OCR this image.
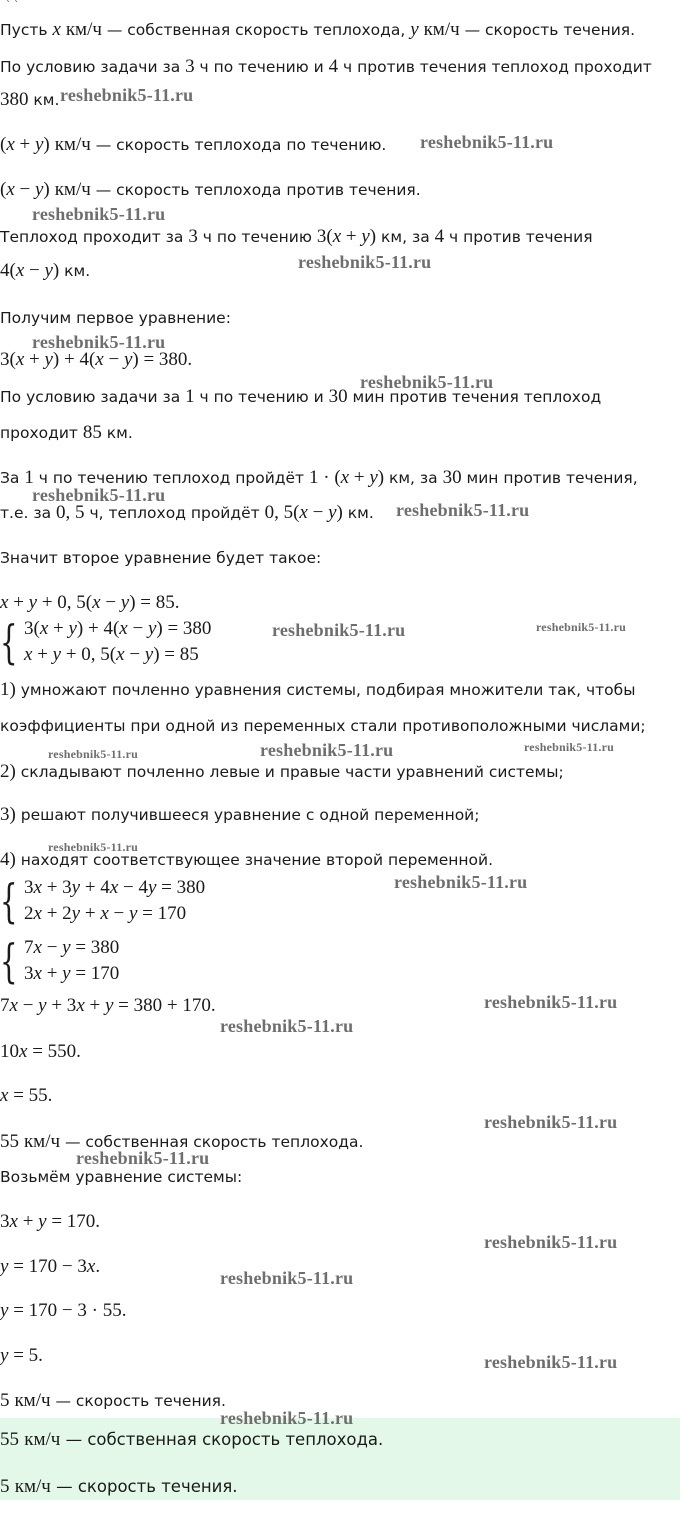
` `
Пусть x км/ч — собственная скорость теплохода, y км/ч — скорость течения.
По условию задачи за 3 ч по течению и 4 ч против течения теплоход проходит
380 км.
(x + y) км/ч — скорость теплохода по течению.
(x − y) км/ч — скорость теплохода против течения.
Теплоход проходит за 3 ч по течению 3(x + y) км, за 4 ч против течения
4(x − y) км.
Получим первое уравнение:
3(x + y) + 4(x − y) = 380.
По условию задачи за 1 ч по течению и 30 мин против течения теплоход
проходит 85 км.
За 1 ч по течению теплоход пройдёт 1 · (x + y) км, за 30 мин против течения,
т.е. за 0, 5 ч, теплоход пройдёт 0, 5(x − y) км.
Значит второе уравнение будет такое:
x + y + 0, 5(x − y) = 85.
1) умножают почленно уравнения системы, подбирая множители так, чтобы
коэффициенты при одной из переменных стали противоположными числами;
2) складывают почленно левые и правые части уравнений системы;
3) решают получившееся уравнение с одной переменной;
4) находят соответствующее значение второй переменной.
7x − y + 3x + y = 380 + 170.
10x = 550.
x = 55.
55 км/ч — собственная скорость теплохода.
Возьмём уравнение системы:
3x + y = 170.
y = 170 − 3x.
y = 170 − 3 · 55.
y = 5.
5 км/ч — скорость течения.
{ 3(x + y) + 4(x − y) = 380
x + y + 0, 5(x − y) = 85
{ 3x + 3y + 4x − 4y = 380
2x + 2y + x − y = 170
{ 7x − y = 380
3x + y = 170
55 км/ч — собственная скорость теплохода.
5 км/ч — скорость течения.
reshebnik5-11.ru
reshebnik5-11.ru
reshebnik5-11.ru
reshebnik5-11.ru
reshebnik5-11.ru
reshebnik5-11.ru
reshebnik5-11.ru
reshebnik5-11.ru
reshebnik5-11.ru	reshebnik5-11.ru
reshebnik5-11.ru	reshebnik5-11.ru	reshebnik5-11.ru
reshebnik5-11.ru
reshebnik5-11.ru
reshebnik5-11.ru
reshebnik5-11.ru
reshebnik5-11.ru
reshebnik5-11.ru
reshebnik5-11.ru
reshebnik5-11.ru
reshebnik5-11.ru
reshebnik5-11.ru
